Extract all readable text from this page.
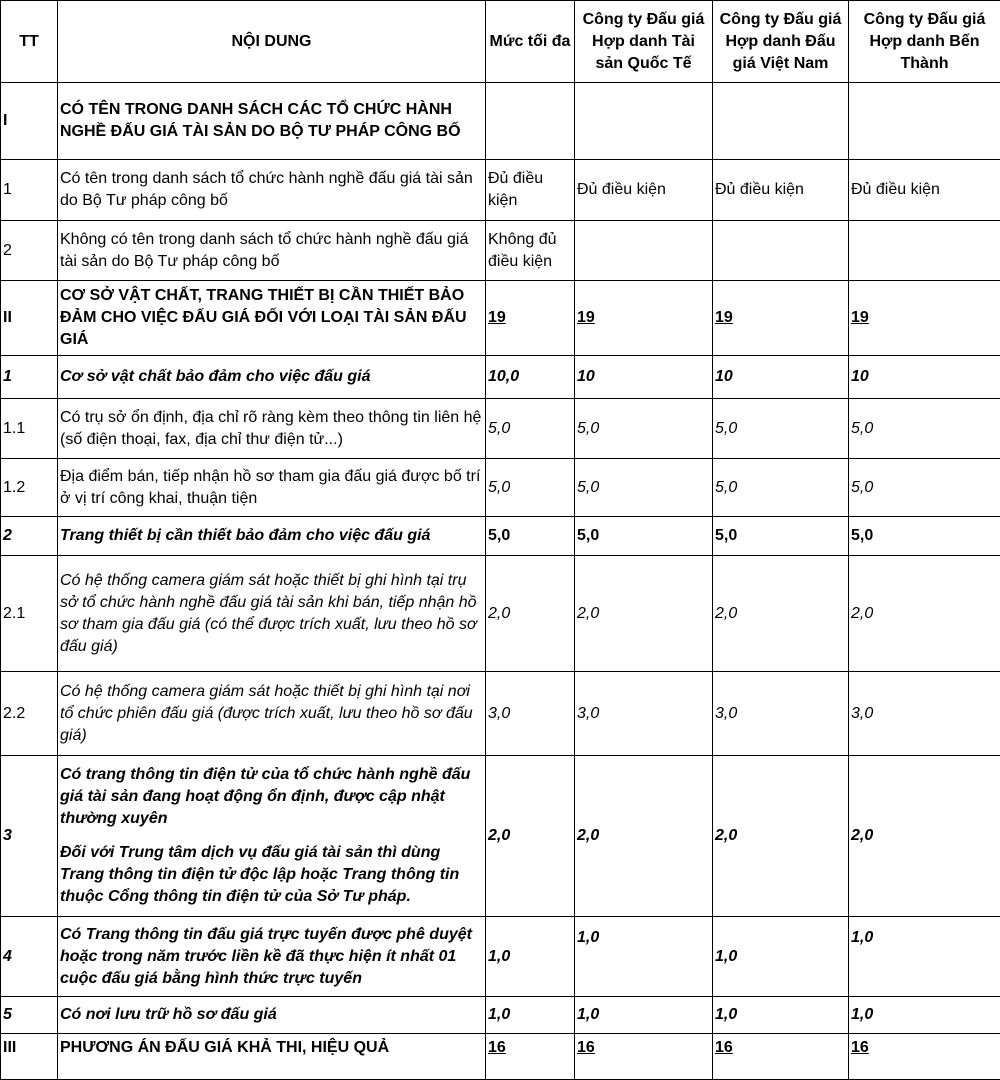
TT	NỘI DUNG	Mức tối đa	Công ty Đấu giá Hợp danh Tài sản Quốc Tế	Công ty Đấu giá Hợp danh Đấu giá Việt Nam	Công ty Đấu giá Hợp danh Bến Thành
I	CÓ TÊN TRONG DANH SÁCH CÁC TỔ CHỨC HÀNH NGHỀ ĐẤU GIÁ TÀI SẢN DO BỘ TƯ PHÁP CÔNG BỐ				
1	Có tên trong danh sách tổ chức hành nghề đấu giá tài sản do Bộ Tư pháp công bố	Đủ điều kiện	Đủ điều kiện	Đủ điều kiện	Đủ điều kiện
2	Không có tên trong danh sách tổ chức hành nghề đấu giá tài sản do Bộ Tư pháp công bố	Không đủ điều kiện			
II	CƠ SỞ VẬT CHẤT, TRANG THIẾT BỊ CẦN THIẾT BẢO ĐẢM CHO VIỆC ĐẤU GIÁ ĐỐI VỚI LOẠI TÀI SẢN ĐẤU GIÁ	19	19	19	19
1	Cơ sở vật chất bảo đảm cho việc đấu giá	10,0	10	10	10
1.1	Có trụ sở ổn định, địa chỉ rõ ràng kèm theo thông tin liên hệ (số điện thoại, fax, địa chỉ thư điện tử...)	5,0	5,0	5,0	5,0
1.2	Địa điểm bán, tiếp nhận hồ sơ tham gia đấu giá được bố trí ở vị trí công khai, thuận tiện	5,0	5,0	5,0	5,0
2	Trang thiết bị cần thiết bảo đảm cho việc đấu giá	5,0	5,0	5,0	5,0
2.1	Có hệ thống camera giám sát hoặc thiết bị ghi hình tại trụ sở tổ chức hành nghề đấu giá tài sản khi bán, tiếp nhận hồ sơ tham gia đấu giá (có thể được trích xuất, lưu theo hồ sơ đấu giá)	2,0	2,0	2,0	2,0
2.2	Có hệ thống camera giám sát hoặc thiết bị ghi hình tại nơi tổ chức phiên đấu giá (được trích xuất, lưu theo hồ sơ đấu giá)	3,0	3,0	3,0	3,0
3	Có trang thông tin điện tử của tổ chức hành nghề đấu giá tài sản đang hoạt động ổn định, được cập nhật thường xuyên

Đối với Trung tâm dịch vụ đấu giá tài sản thì dùng Trang thông tin điện tử độc lập hoặc Trang thông tin thuộc Cổng thông tin điện tử của Sở Tư pháp.	2,0	2,0	2,0	2,0
4	Có Trang thông tin đấu giá trực tuyến được phê duyệt hoặc trong năm trước liền kề đã thực hiện ít nhất 01 cuộc đấu giá bằng hình thức trực tuyến	1,0	1,0	1,0	1,0
5	Có nơi lưu trữ hồ sơ đấu giá	1,0	1,0	1,0	1,0
III	PHƯƠNG ÁN ĐẤU GIÁ KHẢ THI, HIỆU QUẢ	16	16	16	16
